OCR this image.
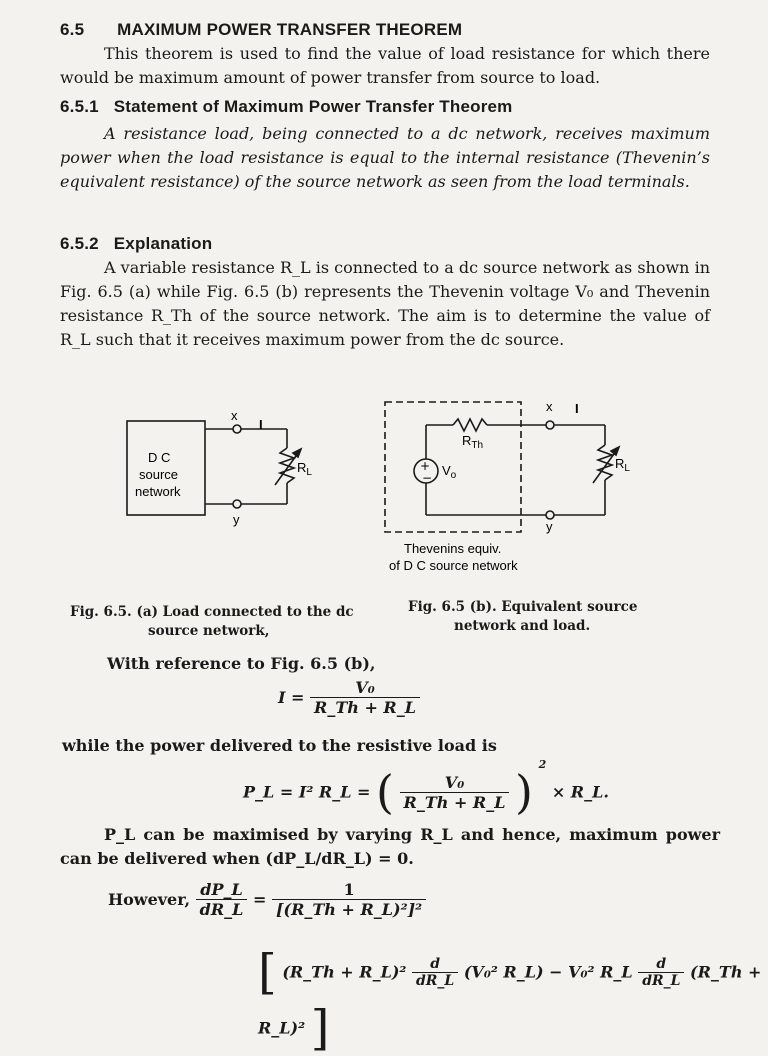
6.5 MAXIMUM POWER TRANSFER THEOREM
This theorem is used to find the value of load resistance for which there would be maximum amount of power transfer from source to load.
6.5.1 Statement of Maximum Power Transfer Theorem
A resistance load, being connected to a dc network, receives maximum power when the load resistance is equal to the internal resistance (Thevenin’s equivalent resistance) of the source network as seen from the load terminals.
6.5.2 Explanation
A variable resistance R_L is connected to a dc source network as shown in Fig. 6.5 (a) while Fig. 6.5 (b) represents the Thevenin voltage V₀ and Thevenin resistance R_Th of the source network. The aim is to determine the value of R_L such that it receives maximum power from the dc source.
D C
source
network
x
I
$R_L$
y
+
− $V_o$
$R_{Th}$
x I
$R_L$
y
Thevenins equiv.
of D C source network
Fig. 6.5. (a) Load connected to the dc
source network,
Fig. 6.5 (b). Equivalent source
network and load.
With reference to Fig. 6.5 (b),
$I = \frac{\text{V₀}}{R\_Th + R\_L}$
while the power delivered to the resistive load is
P_L = I² R_L = ( $\frac{\text{V₀}}{R\_Th + R\_L}$ ) $^2$ × R_L.
P_L can be maximised by varying R_L and hence, maximum power can be delivered when (dP_L/dR_L) = 0.
However, $\frac{dP\_L}{dR\_L} = \frac{1}{\text{[(R\_Th + R\_L)²]²}}$
[ (R_Th + R_L)² $\frac{d}{dR\_L} (V_0^2$ R_L) − V₀² R_L $\frac{d}{dR\_L}$ (R_Th + R_L)² ]
